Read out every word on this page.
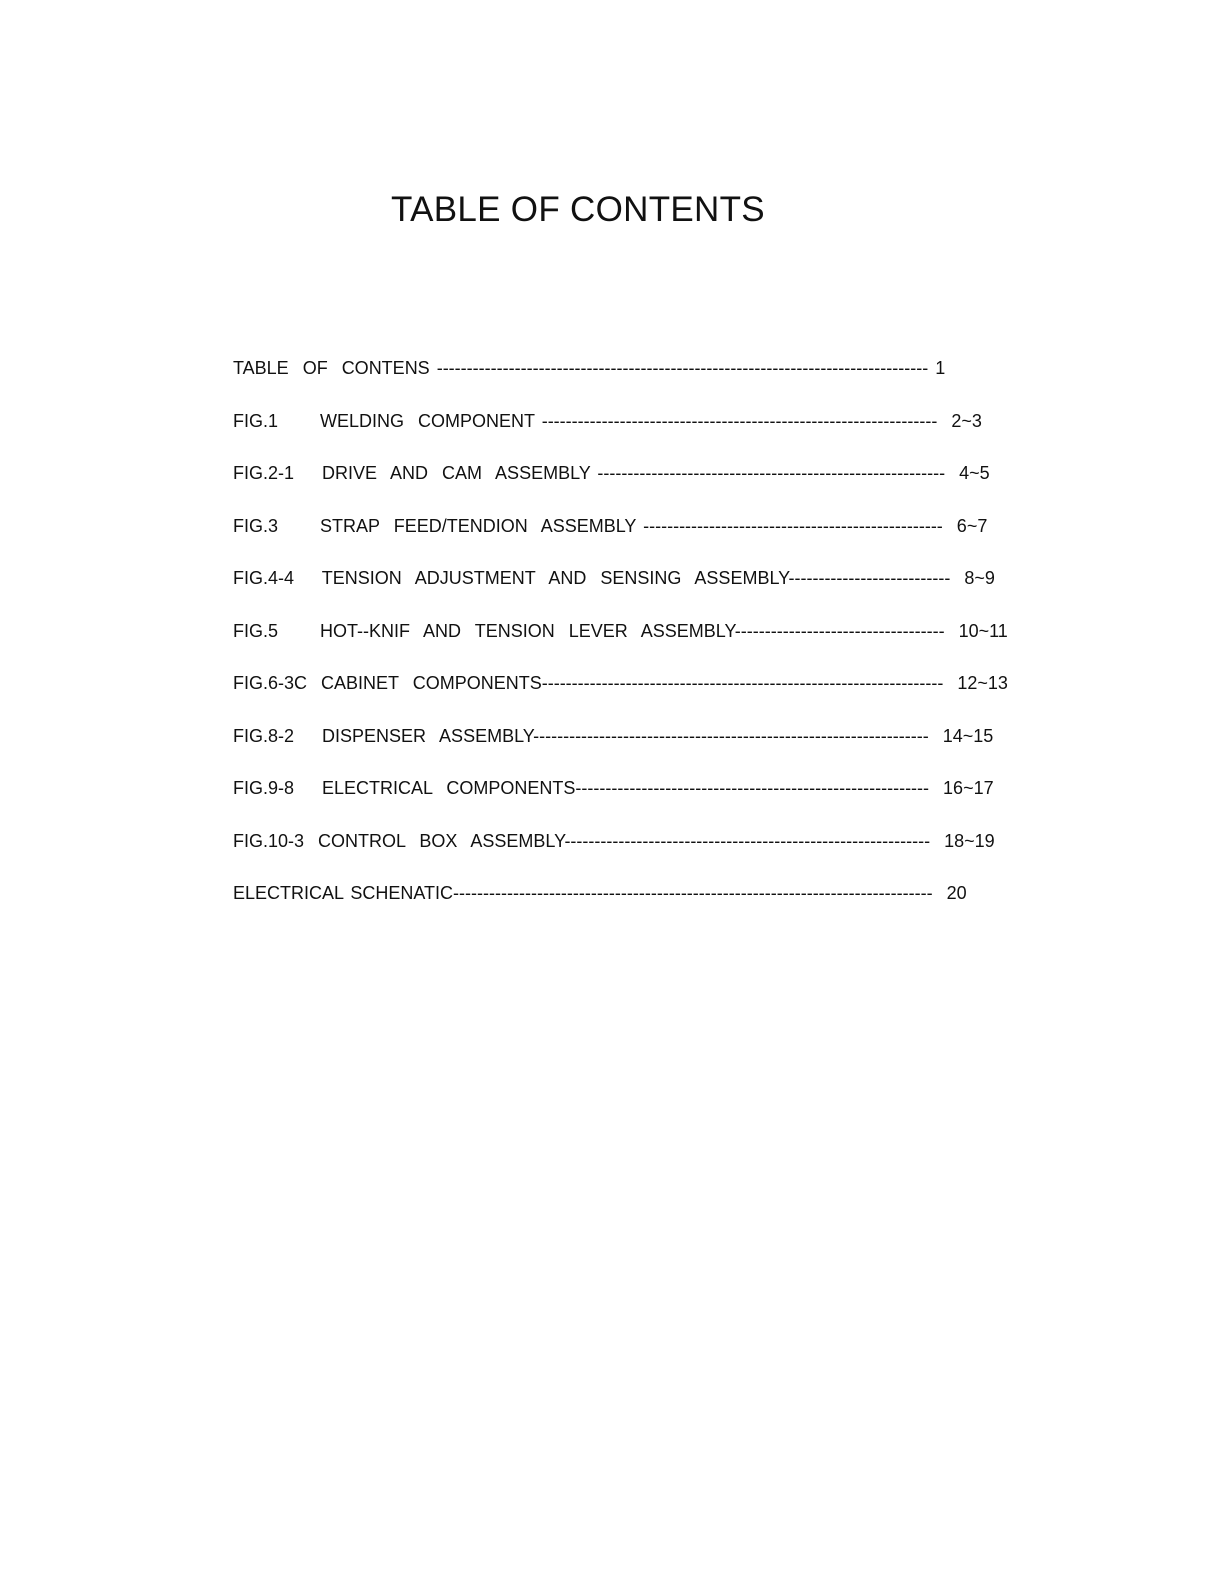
TABLE OF CONTENTS
TABLE  OF  CONTENS ---------------------------------------------------------------------------------- 1
FIG.1      WELDING  COMPONENT ------------------------------------------------------------------  2~3
FIG.2-1    DRIVE  AND  CAM  ASSEMBLY ----------------------------------------------------------  4~5
FIG.3      STRAP  FEED/TENDION  ASSEMBLY --------------------------------------------------  6~7
FIG.4-4    TENSION  ADJUSTMENT  AND  SENSING  ASSEMBLY---------------------------  8~9
FIG.5      HOT--KNIF  AND  TENSION  LEVER  ASSEMBLY-----------------------------------  10~11
FIG.6-3C  CABINET  COMPONENTS-------------------------------------------------------------------  12~13
FIG.8-2    DISPENSER  ASSEMBLY------------------------------------------------------------------  14~15
FIG.9-8    ELECTRICAL  COMPONENTS-----------------------------------------------------------  16~17
FIG.10-3  CONTROL  BOX  ASSEMBLY-------------------------------------------------------------  18~19
ELECTRICAL SCHENATIC--------------------------------------------------------------------------------  20
